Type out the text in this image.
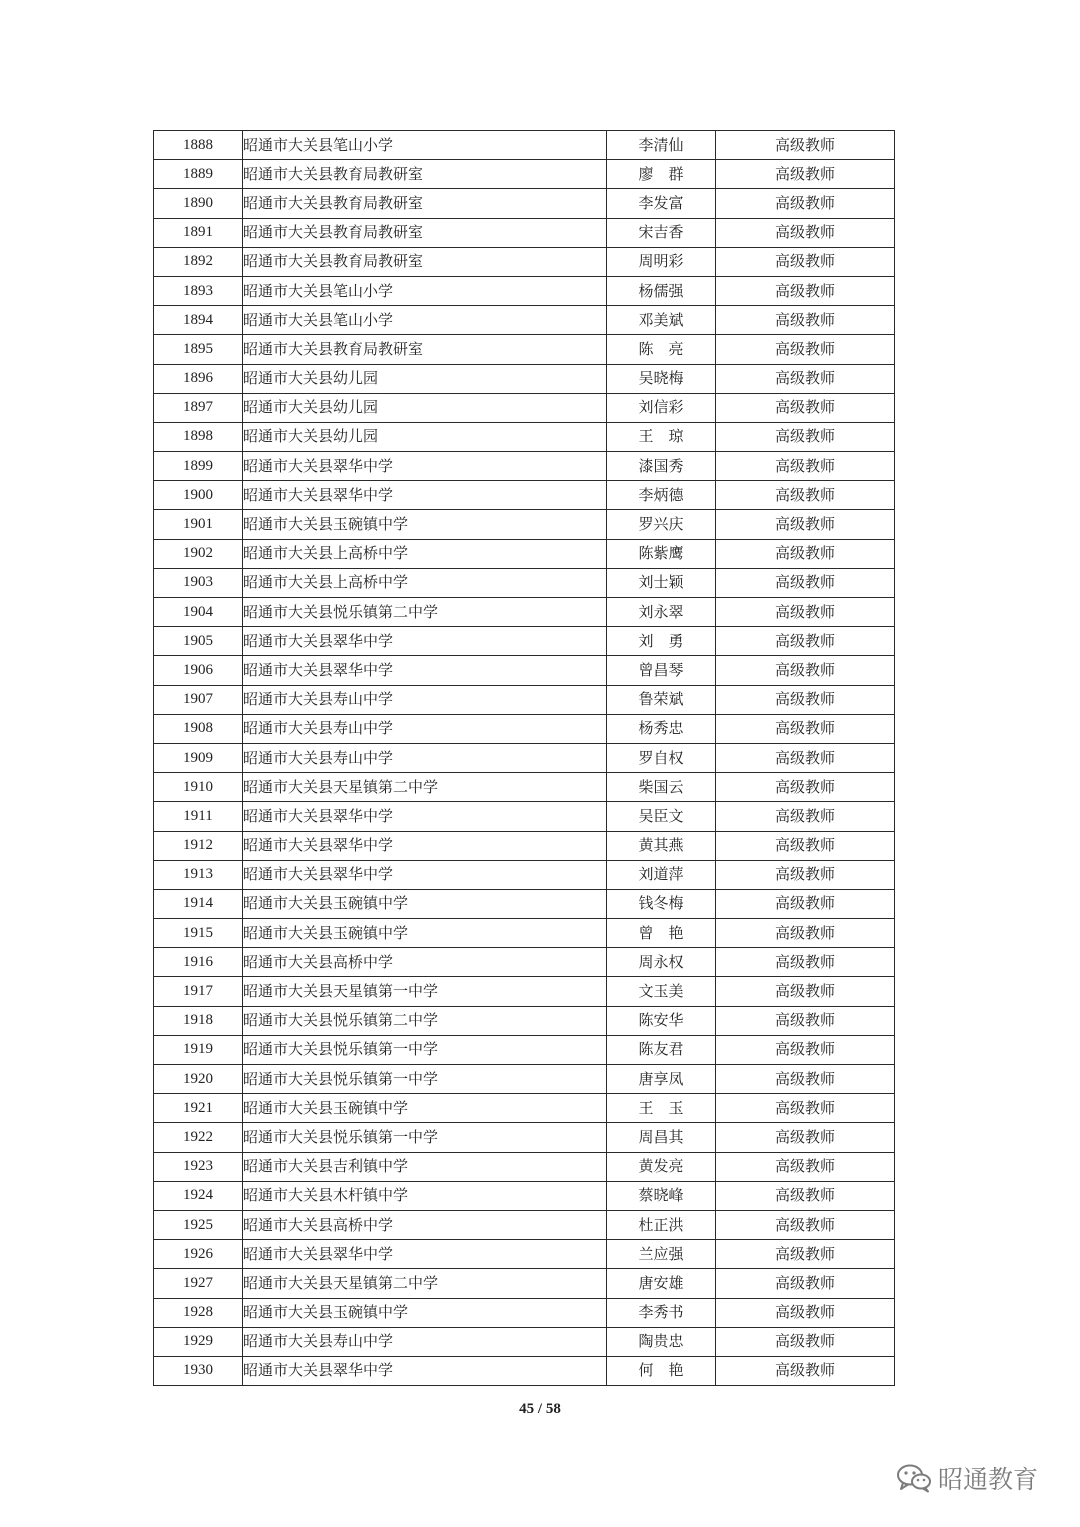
1888	昭通市大关县笔山小学	李清仙	高级教师
1889	昭通市大关县教育局教研室	廖　群	高级教师
1890	昭通市大关县教育局教研室	李发富	高级教师
1891	昭通市大关县教育局教研室	宋吉香	高级教师
1892	昭通市大关县教育局教研室	周明彩	高级教师
1893	昭通市大关县笔山小学	杨儒强	高级教师
1894	昭通市大关县笔山小学	邓美斌	高级教师
1895	昭通市大关县教育局教研室	陈　亮	高级教师
1896	昭通市大关县幼儿园	吴晓梅	高级教师
1897	昭通市大关县幼儿园	刘信彩	高级教师
1898	昭通市大关县幼儿园	王　琼	高级教师
1899	昭通市大关县翠华中学	漆国秀	高级教师
1900	昭通市大关县翠华中学	李炳德	高级教师
1901	昭通市大关县玉碗镇中学	罗兴庆	高级教师
1902	昭通市大关县上高桥中学	陈紫鹰	高级教师
1903	昭通市大关县上高桥中学	刘士颖	高级教师
1904	昭通市大关县悦乐镇第二中学	刘永翠	高级教师
1905	昭通市大关县翠华中学	刘　勇	高级教师
1906	昭通市大关县翠华中学	曾昌琴	高级教师
1907	昭通市大关县寿山中学	鲁荣斌	高级教师
1908	昭通市大关县寿山中学	杨秀忠	高级教师
1909	昭通市大关县寿山中学	罗自权	高级教师
1910	昭通市大关县天星镇第二中学	柴国云	高级教师
1911	昭通市大关县翠华中学	吴臣文	高级教师
1912	昭通市大关县翠华中学	黄其燕	高级教师
1913	昭通市大关县翠华中学	刘道萍	高级教师
1914	昭通市大关县玉碗镇中学	钱冬梅	高级教师
1915	昭通市大关县玉碗镇中学	曾　艳	高级教师
1916	昭通市大关县高桥中学	周永权	高级教师
1917	昭通市大关县天星镇第一中学	文玉美	高级教师
1918	昭通市大关县悦乐镇第二中学	陈安华	高级教师
1919	昭通市大关县悦乐镇第一中学	陈友君	高级教师
1920	昭通市大关县悦乐镇第一中学	唐享凤	高级教师
1921	昭通市大关县玉碗镇中学	王　玉	高级教师
1922	昭通市大关县悦乐镇第一中学	周昌其	高级教师
1923	昭通市大关县吉利镇中学	黄发亮	高级教师
1924	昭通市大关县木杆镇中学	蔡晓峰	高级教师
1925	昭通市大关县高桥中学	杜正洪	高级教师
1926	昭通市大关县翠华中学	兰应强	高级教师
1927	昭通市大关县天星镇第二中学	唐安雄	高级教师
1928	昭通市大关县玉碗镇中学	李秀书	高级教师
1929	昭通市大关县寿山中学	陶贵忠	高级教师
1930	昭通市大关县翠华中学	何　艳	高级教师
45 / 58
昭通教育
